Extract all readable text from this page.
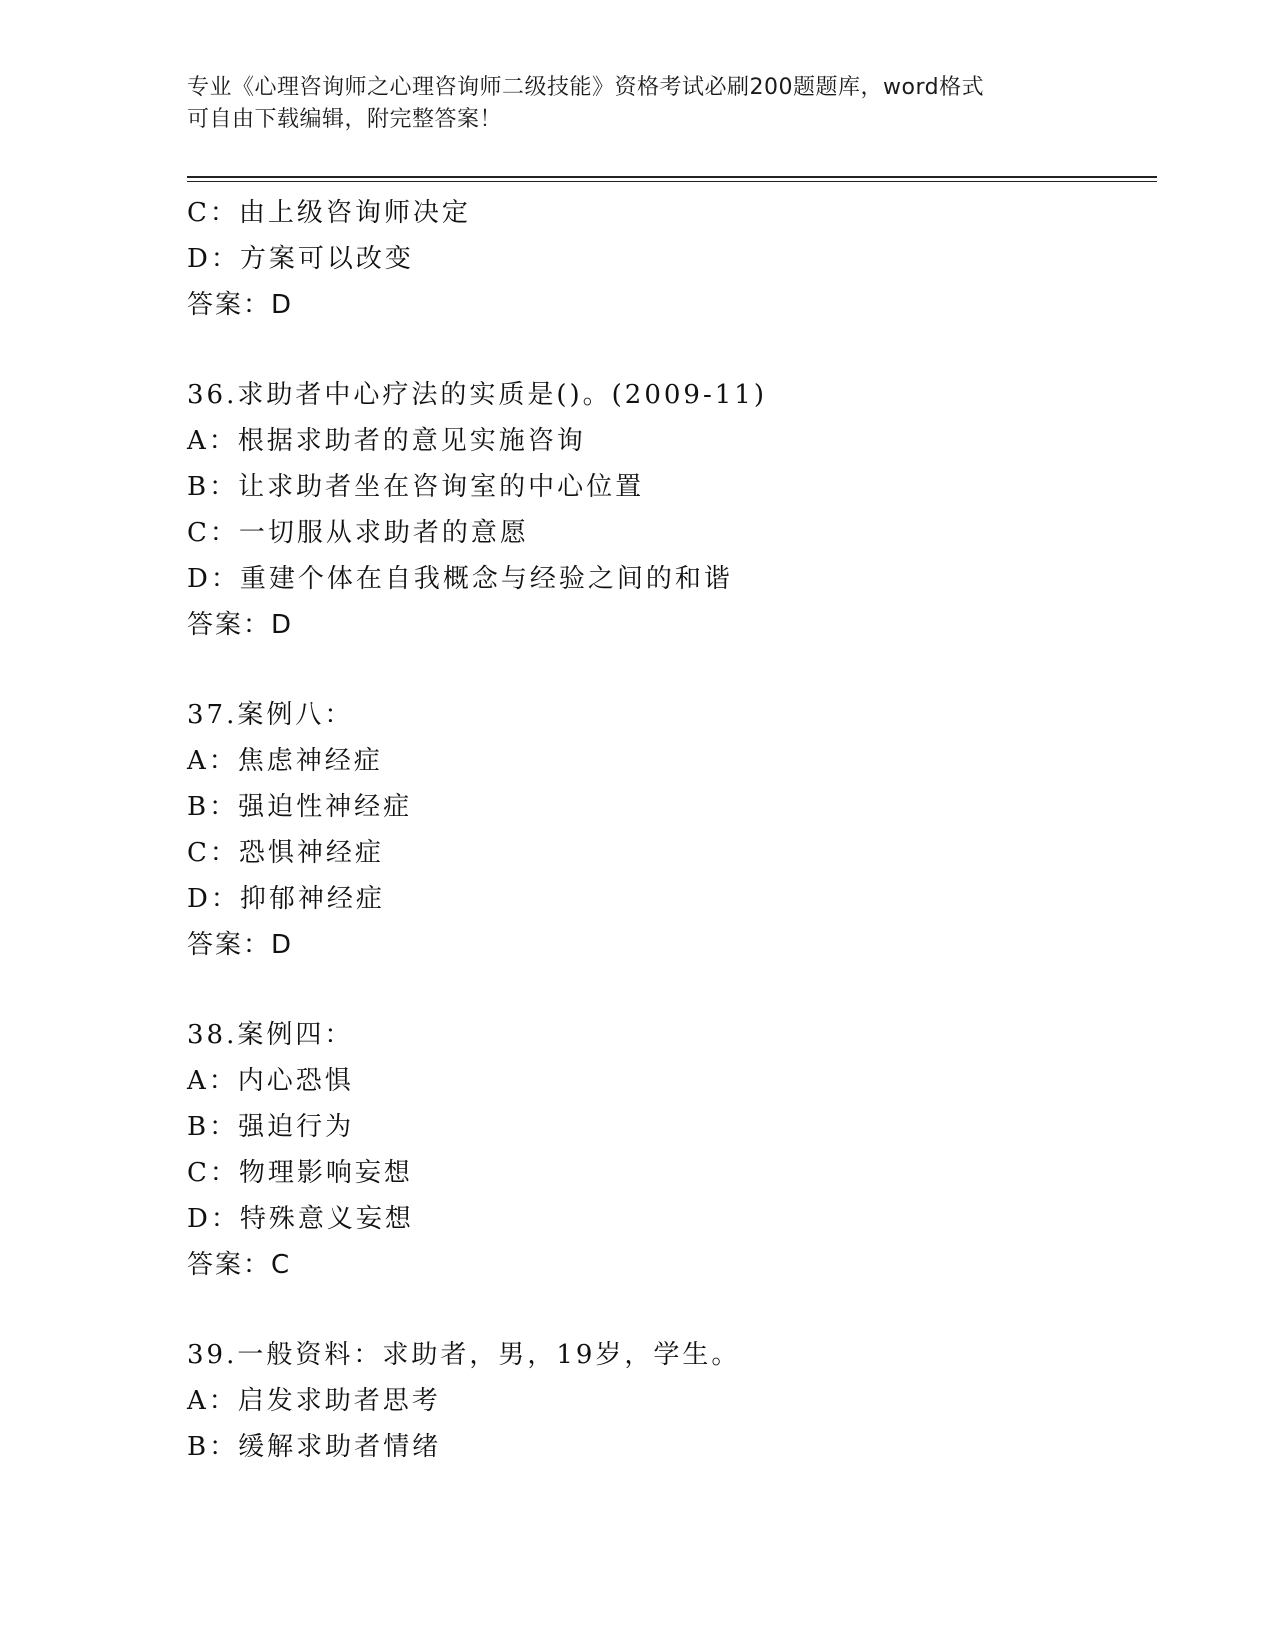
专业《心理咨询师之心理咨询师二级技能》资格考试必刷200题题库，word格式
可自由下载编辑，附完整答案！
C：由上级咨询师决定
D：方案可以改变
答案：D
36.求助者中心疗法的实质是()。(2009-11)
A：根据求助者的意见实施咨询
B：让求助者坐在咨询室的中心位置
C：一切服从求助者的意愿
D：重建个体在自我概念与经验之间的和谐
答案：D
37.案例八：
A：焦虑神经症
B：强迫性神经症
C：恐惧神经症
D：抑郁神经症
答案：D
38.案例四：
A：内心恐惧
B：强迫行为
C：物理影响妄想
D：特殊意义妄想
答案：C
39.一般资料：求助者，男，19岁，学生。
A：启发求助者思考
B：缓解求助者情绪
